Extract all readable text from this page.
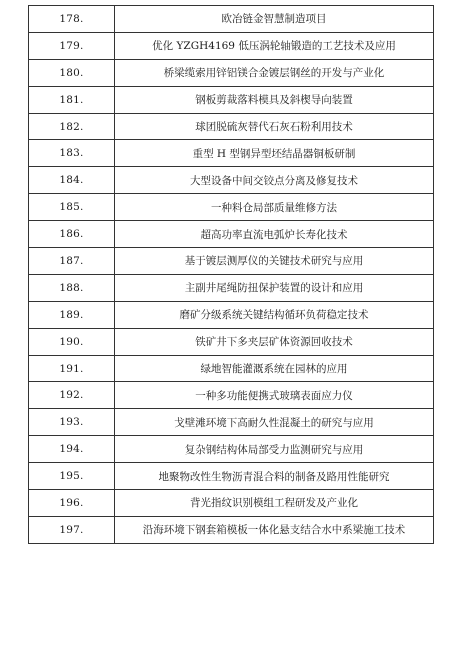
178.	欧冶链金智慧制造项目
179.	优化 YZGH4169 低压涡轮轴锻造的工艺技术及应用
180.	桥梁缆索用锌铝镁合金镀层钢丝的开发与产业化
181.	钢板剪裁落料模具及斜楔导向装置
182.	球团脱硫灰替代石灰石粉利用技术
183.	重型 H 型钢异型坯结晶器铜板研制
184.	大型设备中间交铰点分离及修复技术
185.	一种料仓局部质量维修方法
186.	超高功率直流电弧炉长寿化技术
187.	基于镀层测厚仪的关键技术研究与应用
188.	主副井尾绳防扭保护装置的设计和应用
189.	磨矿分级系统关键结构循环负荷稳定技术
190.	铁矿井下多夹层矿体资源回收技术
191.	绿地智能灌溉系统在园林的应用
192.	一种多功能便携式玻璃表面应力仪
193.	戈壁滩环境下高耐久性混凝土的研究与应用
194.	复杂钢结构体局部受力监测研究与应用
195.	地聚物改性生物沥青混合料的制备及路用性能研究
196.	背光指纹识别模组工程研发及产业化
197.	沿海环境下钢套箱模板一体化悬支结合水中系梁施工技术
